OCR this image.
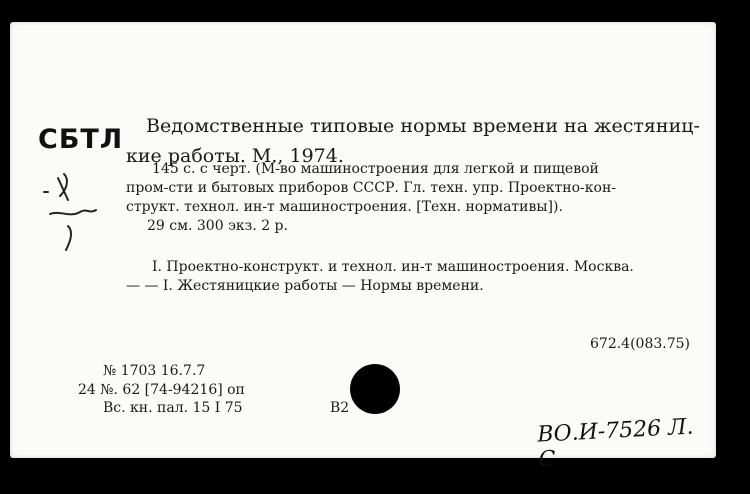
СБТЛ Ведомственные типовые нормы времени на жестяниц-
кие работы. М., 1974.
145 с. с черт. (М-во машиностроения для легкой и пищевой
пром-сти и бытовых приборов СССР. Гл. техн. упр. Проектно-кон-
структ. технол. ин-т машиностроения. [Техн. нормативы]).
29 см. 300 экз. 2 р.
I. Проектно-конструкт. и технол. ин-т машиностроения. Москва.
— — I. Жестяницкие работы — Нормы времени.
672.4(083.75)
№ 1703 16.7.7
24 №. 62 [74-94216] оп
Вс. кн. пал. 15 I 75	В2
ВО.И-7526 Л. С
